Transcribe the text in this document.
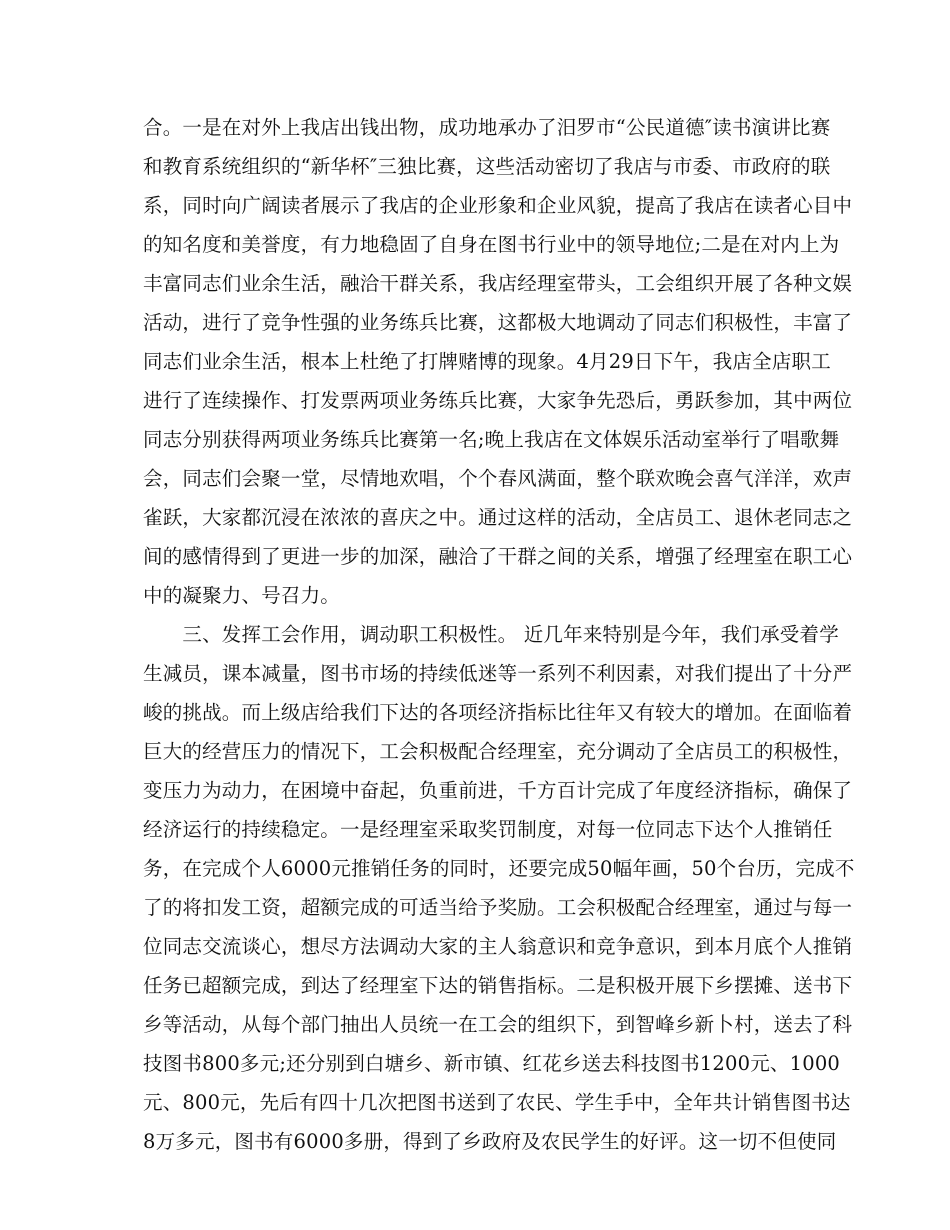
合。一是在对外上我店出钱出物，成功地承办了汨罗市“公民道德″读书演讲比赛
和教育系统组织的“新华杯″三独比赛，这些活动密切了我店与市委、市政府的联
系，同时向广阔读者展示了我店的企业形象和企业风貌，提高了我店在读者心目中
的知名度和美誉度，有力地稳固了自身在图书行业中的领导地位;二是在对内上为
丰富同志们业余生活，融洽干群关系，我店经理室带头，工会组织开展了各种文娱
活动，进行了竞争性强的业务练兵比赛，这都极大地调动了同志们积极性，丰富了
同志们业余生活，根本上杜绝了打牌赌博的现象。4月29日下午，我店全店职工
进行了连续操作、打发票两项业务练兵比赛，大家争先恐后，勇跃参加，其中两位
同志分别获得两项业务练兵比赛第一名;晚上我店在文体娱乐活动室举行了唱歌舞
会，同志们会聚一堂，尽情地欢唱，个个春风满面，整个联欢晚会喜气洋洋，欢声
雀跃，大家都沉浸在浓浓的喜庆之中。通过这样的活动，全店员工、退休老同志之
间的感情得到了更进一步的加深，融洽了干群之间的关系，增强了经理室在职工心
中的凝聚力、号召力。
　　三、发挥工会作用，调动职工积极性。 近几年来特别是今年，我们承受着学
生减员，课本减量，图书市场的持续低迷等一系列不利因素，对我们提出了十分严
峻的挑战。而上级店给我们下达的各项经济指标比往年又有较大的增加。在面临着
巨大的经营压力的情况下，工会积极配合经理室，充分调动了全店员工的积极性，
变压力为动力，在困境中奋起，负重前进，千方百计完成了年度经济指标，确保了
经济运行的持续稳定。一是经理室采取奖罚制度，对每一位同志下达个人推销任
务，在完成个人6000元推销任务的同时，还要完成50幅年画，50个台历，完成不
了的将扣发工资，超额完成的可适当给予奖励。工会积极配合经理室，通过与每一
位同志交流谈心，想尽方法调动大家的主人翁意识和竞争意识，到本月底个人推销
任务已超额完成，到达了经理室下达的销售指标。二是积极开展下乡摆摊、送书下
乡等活动，从每个部门抽出人员统一在工会的组织下，到智峰乡新卜村，送去了科
技图书800多元;还分别到白塘乡、新市镇、红花乡送去科技图书1200元、1000
元、800元，先后有四十几次把图书送到了农民、学生手中，全年共计销售图书达
8万多元，图书有6000多册，得到了乡政府及农民学生的好评。这一切不但使同
